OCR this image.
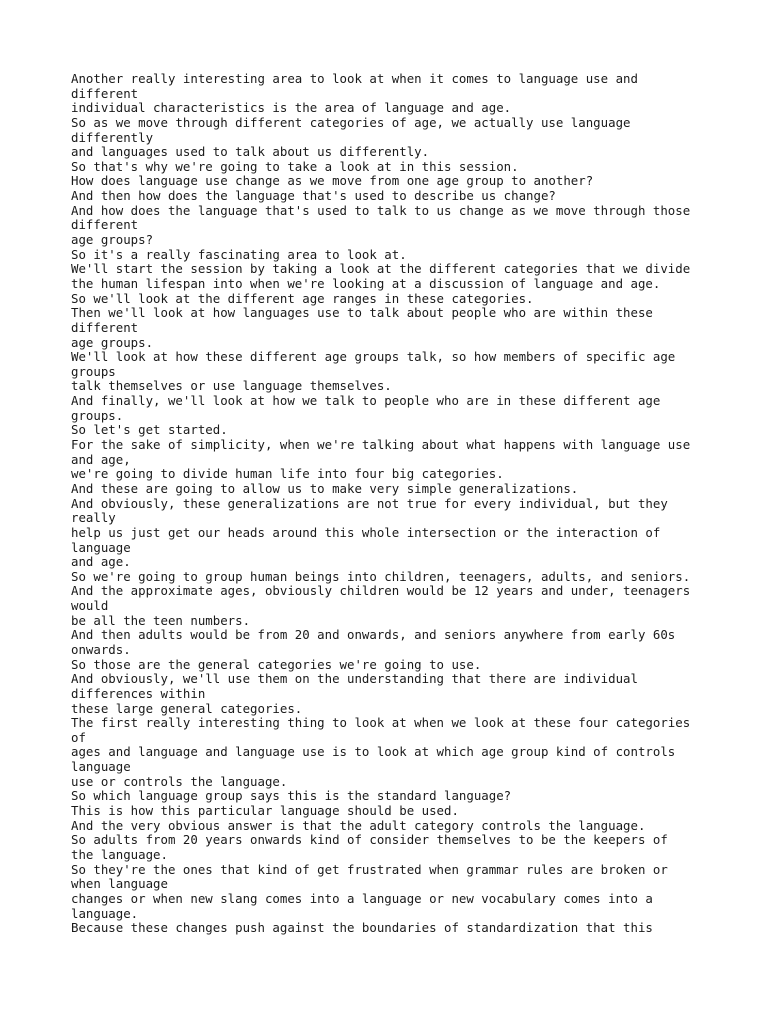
Another really interesting area to look at when it comes to language use and
different
individual characteristics is the area of language and age.
So as we move through different categories of age, we actually use language
differently
and languages used to talk about us differently.
So that's why we're going to take a look at in this session.
How does language use change as we move from one age group to another?
And then how does the language that's used to describe us change?
And how does the language that's used to talk to us change as we move through those
different
age groups?
So it's a really fascinating area to look at.
We'll start the session by taking a look at the different categories that we divide
the human lifespan into when we're looking at a discussion of language and age.
So we'll look at the different age ranges in these categories.
Then we'll look at how languages use to talk about people who are within these
different
age groups.
We'll look at how these different age groups talk, so how members of specific age
groups
talk themselves or use language themselves.
And finally, we'll look at how we talk to people who are in these different age
groups.
So let's get started.
For the sake of simplicity, when we're talking about what happens with language use
and age,
we're going to divide human life into four big categories.
And these are going to allow us to make very simple generalizations.
And obviously, these generalizations are not true for every individual, but they
really
help us just get our heads around this whole intersection or the interaction of
language
and age.
So we're going to group human beings into children, teenagers, adults, and seniors.
And the approximate ages, obviously children would be 12 years and under, teenagers
would
be all the teen numbers.
And then adults would be from 20 and onwards, and seniors anywhere from early 60s
onwards.
So those are the general categories we're going to use.
And obviously, we'll use them on the understanding that there are individual
differences within
these large general categories.
The first really interesting thing to look at when we look at these four categories
of
ages and language and language use is to look at which age group kind of controls
language
use or controls the language.
So which language group says this is the standard language?
This is how this particular language should be used.
And the very obvious answer is that the adult category controls the language.
So adults from 20 years onwards kind of consider themselves to be the keepers of
the language.
So they're the ones that kind of get frustrated when grammar rules are broken or
when language
changes or when new slang comes into a language or new vocabulary comes into a
language.
Because these changes push against the boundaries of standardization that this
